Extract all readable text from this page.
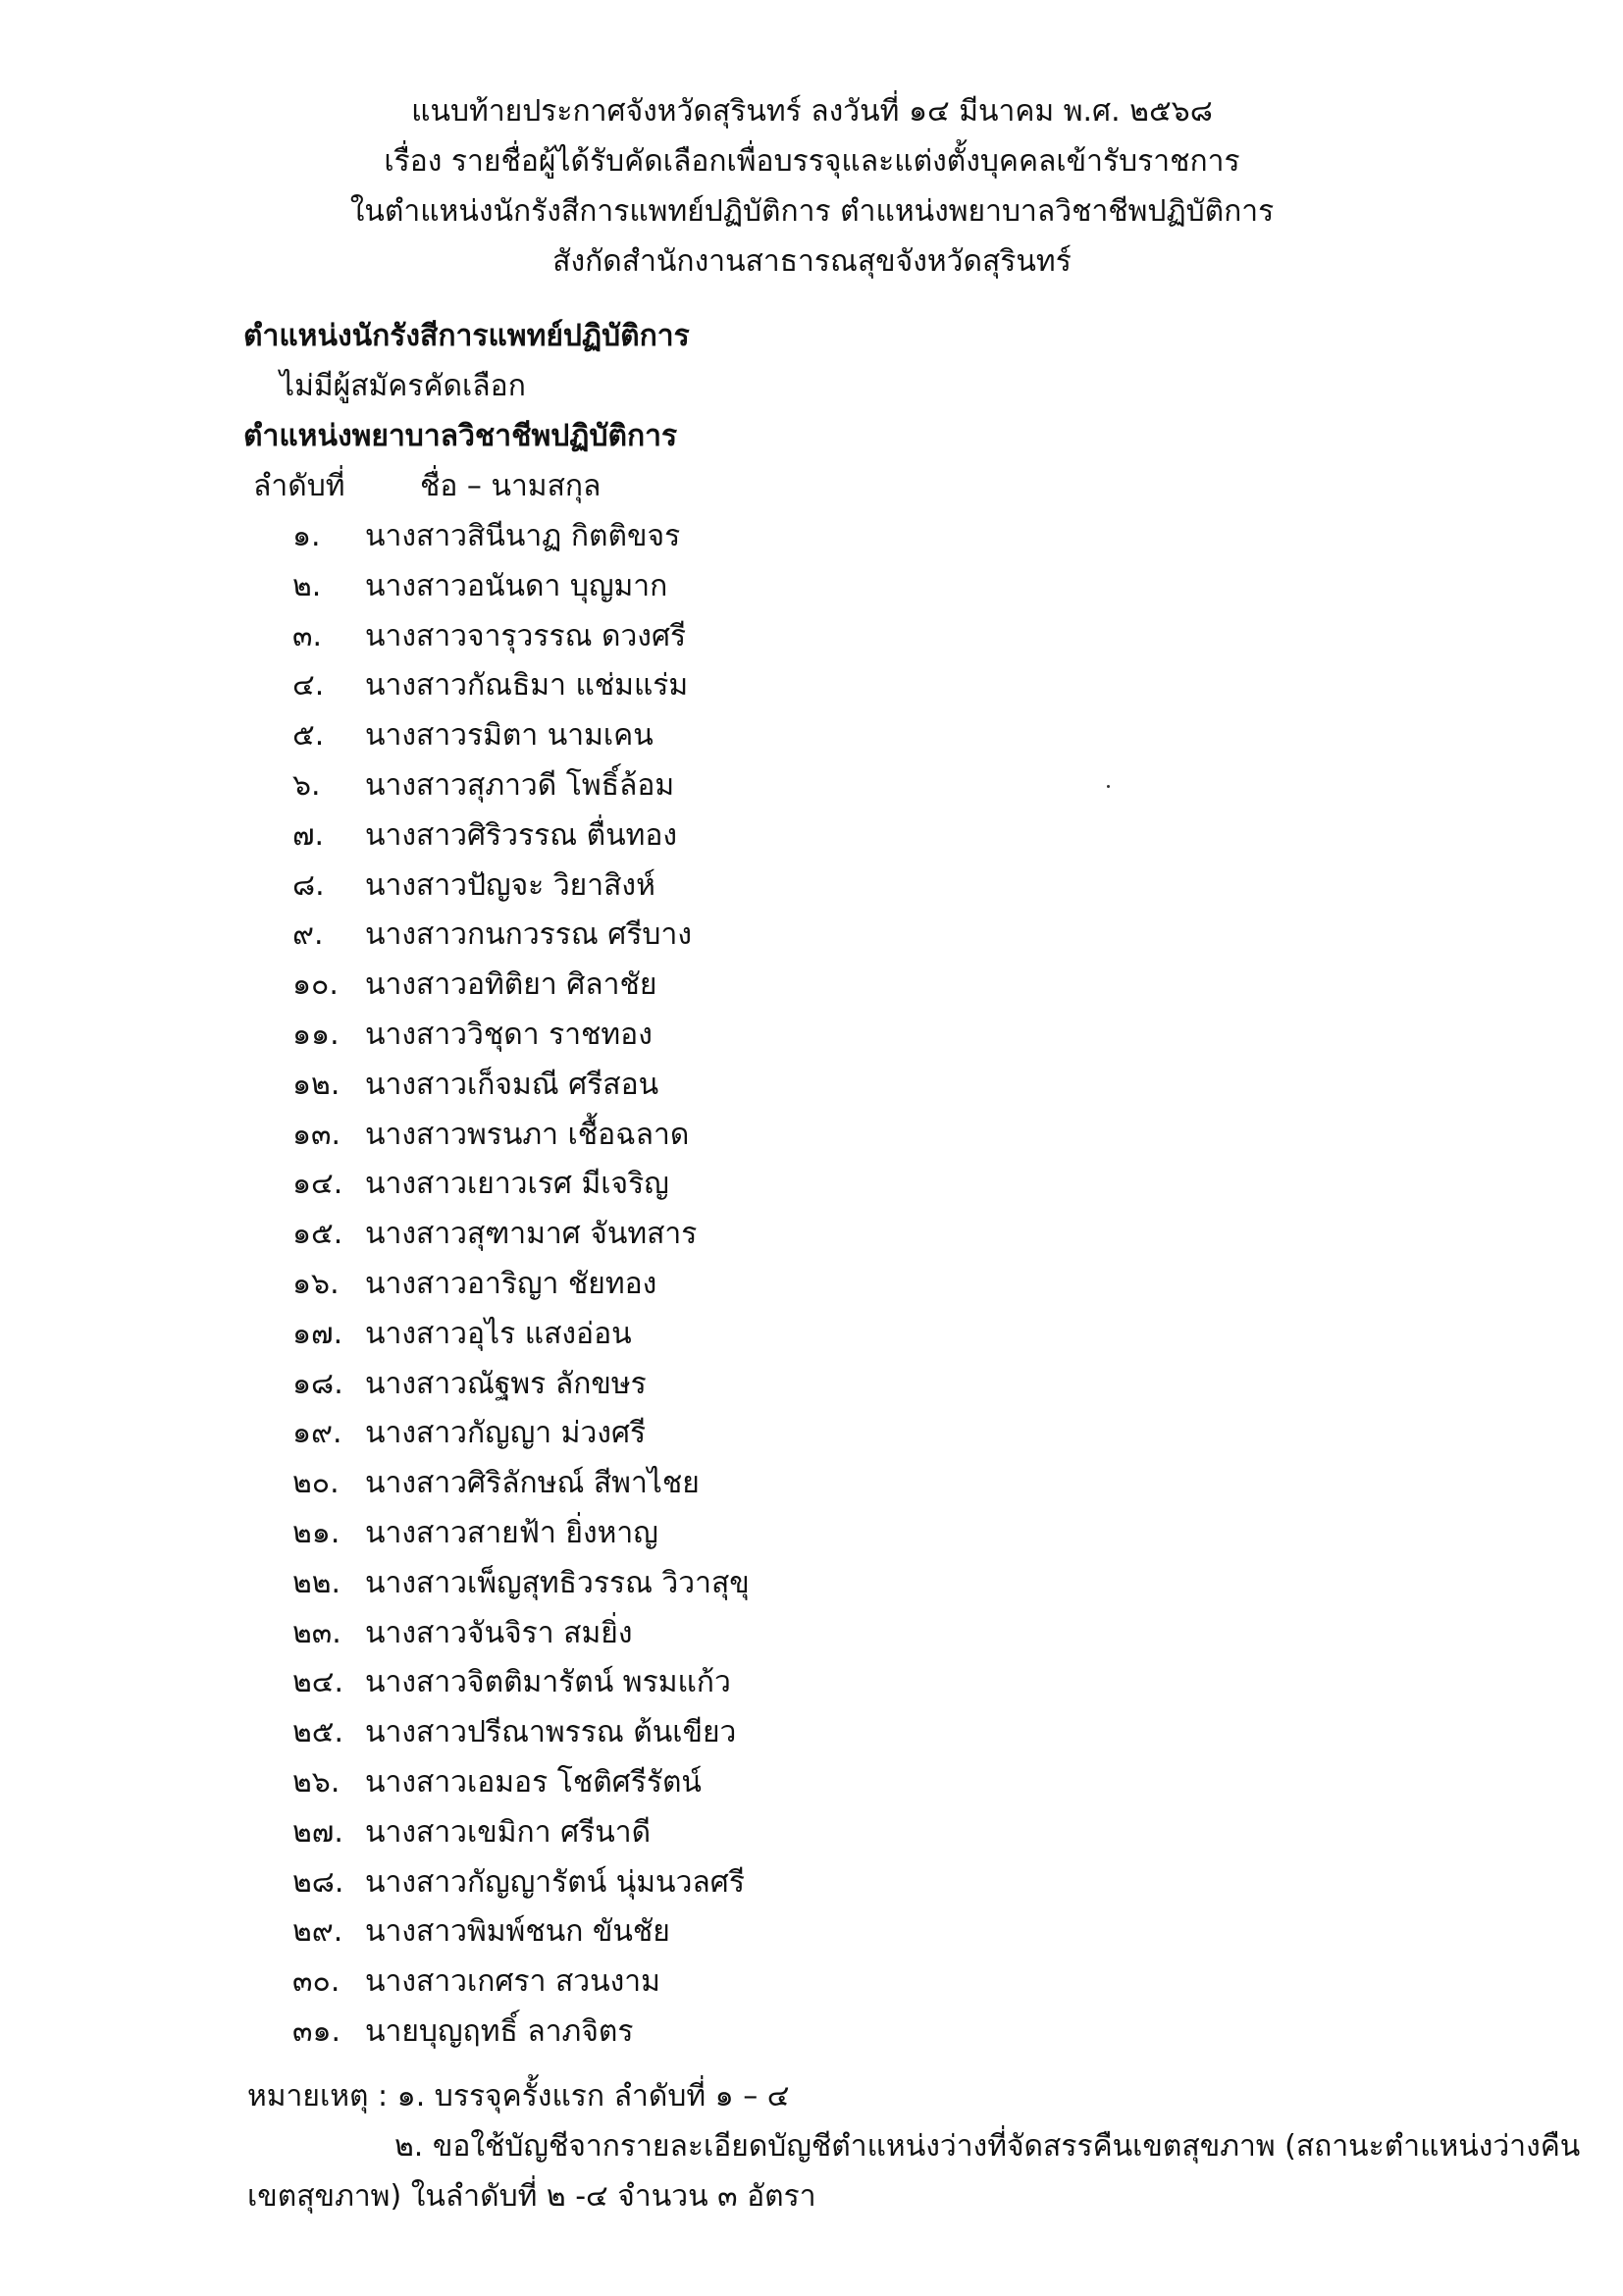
แนบท้ายประกาศจังหวัดสุรินทร์ ลงวันที่ ๑๔ มีนาคม พ.ศ. ๒๕๖๘
เรื่อง รายชื่อผู้ได้รับคัดเลือกเพื่อบรรจุและแต่งตั้งบุคคลเข้ารับราชการ
ในตำแหน่งนักรังสีการแพทย์ปฏิบัติการ ตำแหน่งพยาบาลวิชาชีพปฏิบัติการ
สังกัดสำนักงานสาธารณสุขจังหวัดสุรินทร์
ตำแหน่งนักรังสีการแพทย์ปฏิบัติการ
ไม่มีผู้สมัครคัดเลือก
ตำแหน่งพยาบาลวิชาชีพปฏิบัติการ
ลำดับที่	ชื่อ – นามสกุล
๑.	นางสาวสินีนาฏ กิตติขจร
๒.	นางสาวอนันดา บุญมาก
๓.	นางสาวจารุวรรณ ดวงศรี
๔.	นางสาวกัณธิมา แช่มแร่ม
๕.	นางสาวรมิตา นามเคน
๖.	นางสาวสุภาวดี โพธิ์ล้อม
๗.	นางสาวศิริวรรณ ตื่นทอง
๘.	นางสาวปัญจะ วิยาสิงห์
๙.	นางสาวกนกวรรณ ศรีบาง
๑๐. นางสาวอทิติยา ศิลาชัย
๑๑. นางสาววิชุดา ราชทอง
๑๒. นางสาวเก็จมณี ศรีสอน
๑๓. นางสาวพรนภา เชื้อฉลาด
๑๔. นางสาวเยาวเรศ มีเจริญ
๑๕. นางสาวสุฑามาศ จันทสาร
๑๖. นางสาวอาริญา ชัยทอง
๑๗. นางสาวอุไร แสงอ่อน
๑๘. นางสาวณัฐพร ลักขษร
๑๙. นางสาวกัญญา ม่วงศรี
๒๐. นางสาวศิริลักษณ์ สีพาไชย
๒๑. นางสาวสายฟ้า ยิ่งหาญ
๒๒. นางสาวเพ็ญสุทธิวรรณ วิวาสุขุ
๒๓. นางสาวจันจิรา สมยิ่ง
๒๔. นางสาวจิตติมารัตน์ พรมแก้ว
๒๕. นางสาวปรีณาพรรณ ต้นเขียว
๒๖. นางสาวเอมอร โชติศรีรัตน์
๒๗. นางสาวเขมิกา ศรีนาดี
๒๘. นางสาวกัญญารัตน์ นุ่มนวลศรี
๒๙. นางสาวพิมพ์ชนก ขันชัย
๓๐. นางสาวเกศรา สวนงาม
๓๑. นายบุญฤทธิ์ ลาภจิตร
หมายเหตุ : ๑. บรรจุครั้งแรก ลำดับที่ ๑ – ๔
๒. ขอใช้บัญชีจากรายละเอียดบัญชีตำแหน่งว่างที่จัดสรรคืนเขตสุขภาพ (สถานะตำแหน่งว่างคืน
เขตสุขภาพ) ในลำดับที่ ๒ -๔ จำนวน ๓ อัตรา
